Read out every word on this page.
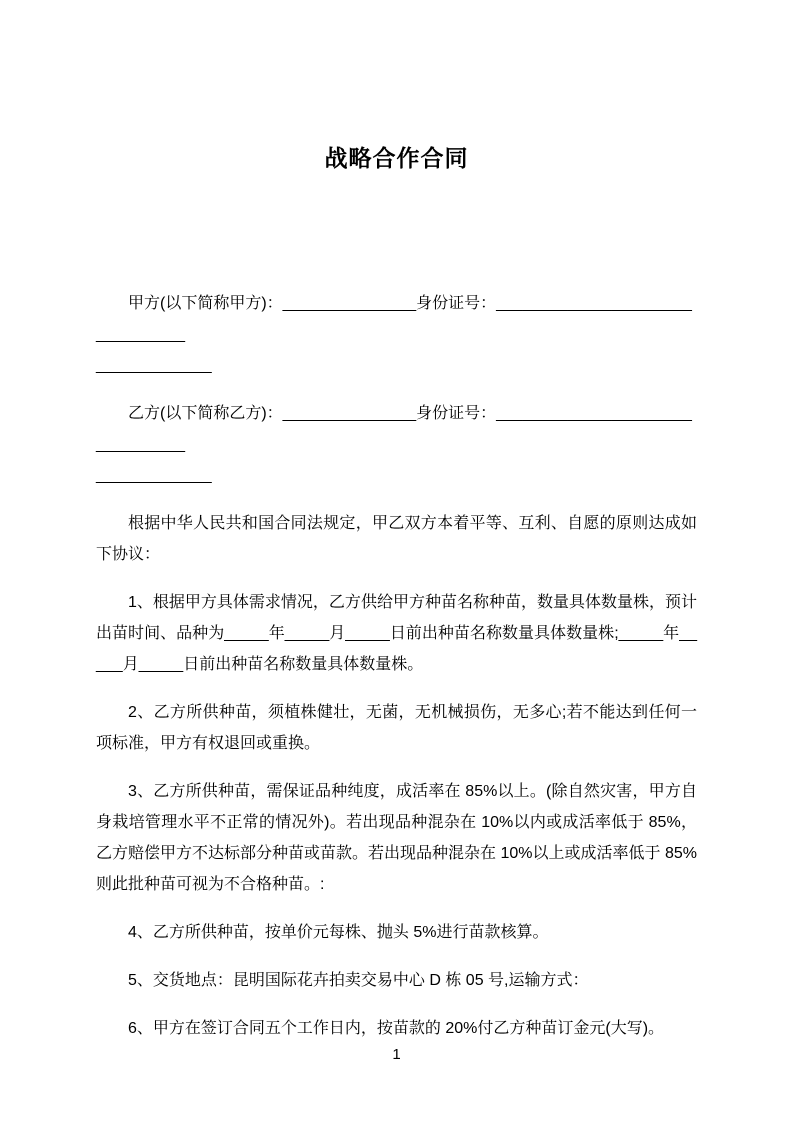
战略合作合同

甲方(以下简称甲方)：_______________身份证号：________________________________
_____________

乙方(以下简称乙方)：_______________身份证号：________________________________
_____________

根据中华人民共和国合同法规定，甲乙双方本着平等、互利、自愿的原则达成如下协议：

1、根据甲方具体需求情况，乙方供给甲方种苗名称种苗，数量具体数量株，预计出苗时间、品种为_____年_____月_____日前出种苗名称数量具体数量株;_____年_____月_____日前出种苗名称数量具体数量株。

2、乙方所供种苗，须植株健壮，无菌，无机械损伤，无多心;若不能达到任何一项标准，甲方有权退回或重换。

3、乙方所供种苗，需保证品种纯度，成活率在 85%以上。(除自然灾害，甲方自身栽培管理水平不正常的情况外)。若出现品种混杂在 10%以内或成活率低于 85%，乙方赔偿甲方不达标部分种苗或苗款。若出现品种混杂在 10%以上或成活率低于 85%则此批种苗可视为不合格种苗。:

4、乙方所供种苗，按单价元每株、抛头 5%进行苗款核算。

5、交货地点：昆明国际花卉拍卖交易中心 D 栋 05 号,运输方式：

6、甲方在签订合同五个工作日内，按苗款的 20%付乙方种苗订金元(大写)。

1
